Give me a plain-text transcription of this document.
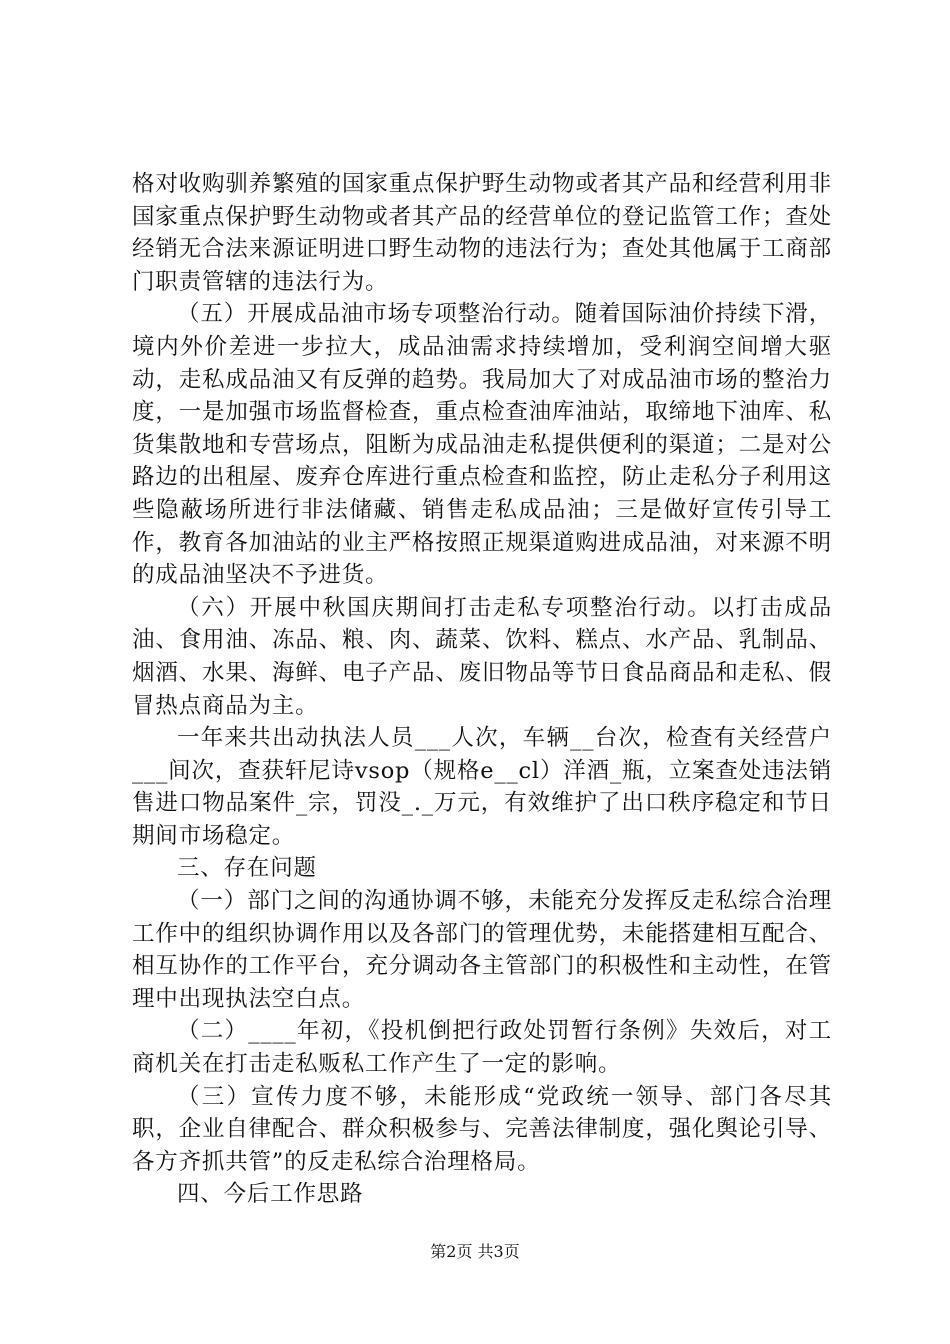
格对收购驯养繁殖的国家重点保护野生动物或者其产品和经营利用非国家重点保护野生动物或者其产品的经营单位的登记监管工作；查处经销无合法来源证明进口野生动物的违法行为；查处其他属于工商部门职责管辖的违法行为。

（五）开展成品油市场专项整治行动。随着国际油价持续下滑，境内外价差进一步拉大，成品油需求持续增加，受利润空间增大驱动，走私成品油又有反弹的趋势。我局加大了对成品油市场的整治力度，一是加强市场监督检查，重点检查油库油站，取缔地下油库、私货集散地和专营场点，阻断为成品油走私提供便利的渠道；二是对公路边的出租屋、废弃仓库进行重点检查和监控，防止走私分子利用这些隐蔽场所进行非法储藏、销售走私成品油；三是做好宣传引导工作，教育各加油站的业主严格按照正规渠道购进成品油，对来源不明的成品油坚决不予进货。

（六）开展中秋国庆期间打击走私专项整治行动。以打击成品油、食用油、冻品、粮、肉、蔬菜、饮料、糕点、水产品、乳制品、烟酒、水果、海鲜、电子产品、废旧物品等节日食品商品和走私、假冒热点商品为主。

一年来共出动执法人员___人次，车辆__台次，检查有关经营户___间次，查获轩尼诗vsop（规格e__cl）洋酒_瓶，立案查处违法销售进口物品案件_宗，罚没_._万元，有效维护了出口秩序稳定和节日期间市场稳定。

三、存在问题

（一）部门之间的沟通协调不够，未能充分发挥反走私综合治理工作中的组织协调作用以及各部门的管理优势，未能搭建相互配合、相互协作的工作平台，充分调动各主管部门的积极性和主动性，在管理中出现执法空白点。

（二）____年初，《投机倒把行政处罚暂行条例》失效后，对工商机关在打击走私贩私工作产生了一定的影响。

（三）宣传力度不够，未能形成“党政统一领导、部门各尽其职，企业自律配合、群众积极参与、完善法律制度，强化舆论引导、各方齐抓共管”的反走私综合治理格局。

四、今后工作思路

第2页 共3页
